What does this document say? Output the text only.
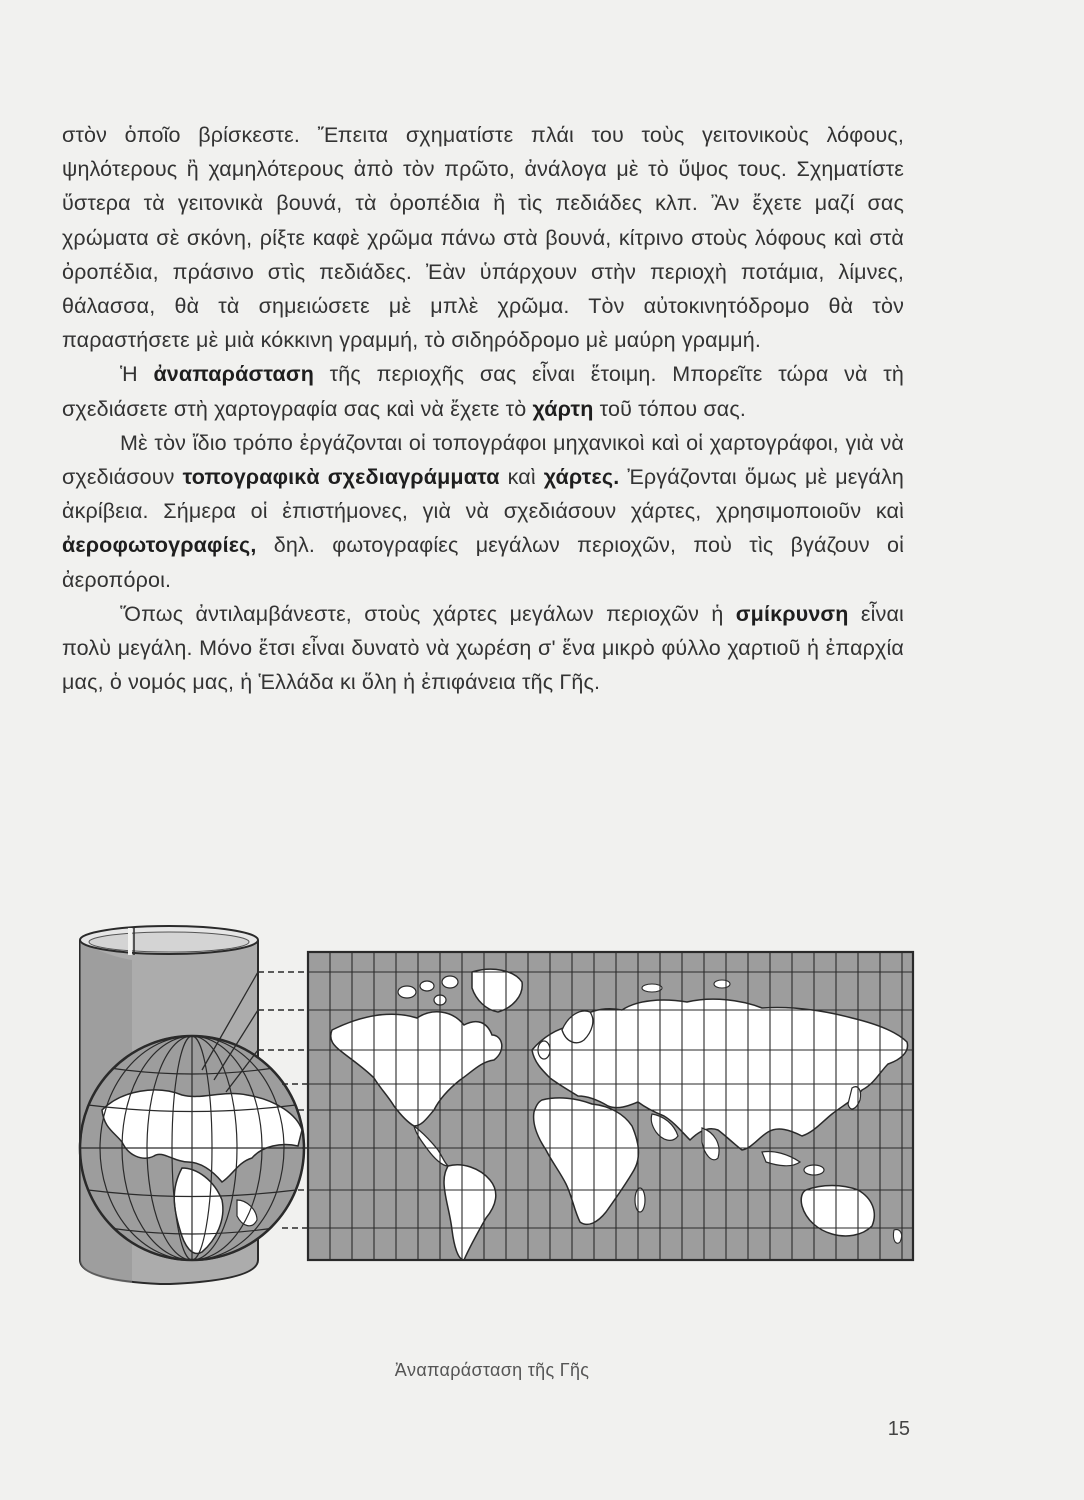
στὸν ὁποῖο βρίσκεστε. Ἔπειτα σχηματίστε πλάι του τοὺς γειτονικοὺς λόφους, ψηλότερους ἢ χαμηλότερους ἀπὸ τὸν πρῶτο, ἀνάλογα μὲ τὸ ὕψος τους. Σχηματίστε ὕστερα τὰ γειτονικὰ βουνά, τὰ ὀροπέδια ἢ τὶς πεδιάδες κλπ. Ἂν ἔχετε μαζί σας χρώματα σὲ σκόνη, ρίξτε καφὲ χρῶμα πάνω στὰ βουνά, κίτρινο στοὺς λόφους καὶ στὰ ὀροπέδια, πράσινο στὶς πεδιάδες. Ἐὰν ὑπάρχουν στὴν περιοχὴ ποτάμια, λίμνες, θάλασσα, θὰ τὰ σημειώσετε μὲ μπλὲ χρῶμα. Τὸν αὐτοκινητόδρομο θὰ τὸν παραστήσετε μὲ μιὰ κόκκινη γραμμή, τὸ σιδηρόδρομο μὲ μαύρη γραμμή.

Ἡ ἀναπαράσταση τῆς περιοχῆς σας εἶναι ἕτοιμη. Μπορεῖτε τώρα νὰ τὴ σχεδιάσετε στὴ χαρτογραφία σας καὶ νὰ ἔχετε τὸ χάρτη τοῦ τόπου σας.

Μὲ τὸν ἴδιο τρόπο ἐργάζονται οἱ τοπογράφοι μηχανικοὶ καὶ οἱ χαρτογράφοι, γιὰ νὰ σχεδιάσουν τοπογραφικὰ σχεδιαγράμματα καὶ χάρτες. Ἐργάζονται ὅμως μὲ μεγάλη ἀκρίβεια. Σήμερα οἱ ἐπιστήμονες, γιὰ νὰ σχεδιάσουν χάρτες, χρησιμοποιοῦν καὶ ἀεροφωτογραφίες, δηλ. φωτογραφίες μεγάλων περιοχῶν, ποὺ τὶς βγάζουν οἱ ἀεροπόροι.

Ὅπως ἀντιλαμβάνεστε, στοὺς χάρτες μεγάλων περιοχῶν ἡ σμίκρυνση εἶναι πολὺ μεγάλη. Μόνο ἔτσι εἶναι δυνατὸ νὰ χωρέση σ' ἕνα μικρὸ φύλλο χαρτιοῦ ἡ ἐπαρχία μας, ὁ νομός μας, ἡ Ἑλλάδα κι ὅλη ἡ ἐπιφάνεια τῆς Γῆς.

Ἀναπαράσταση τῆς Γῆς
15
